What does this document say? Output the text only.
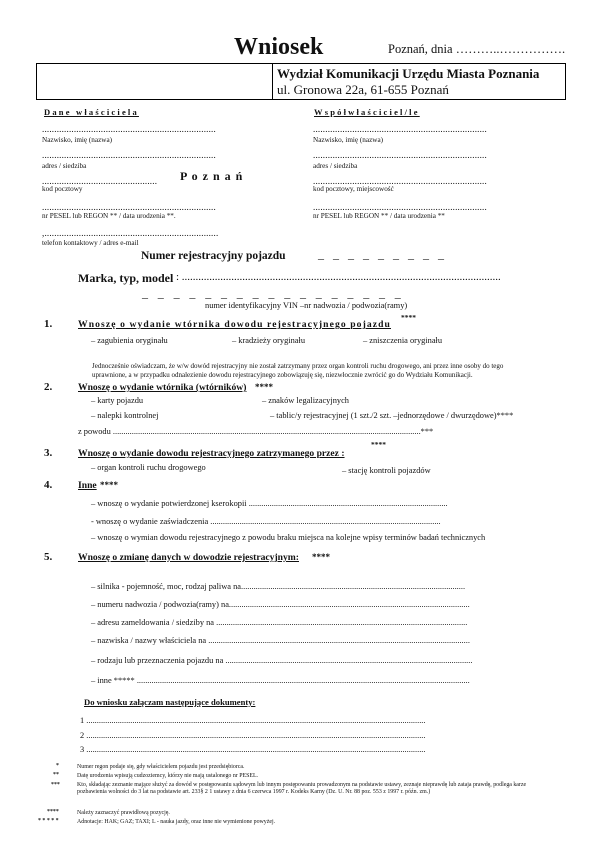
Wniosek	Poznań, dnia ………..…………….
Wydział Komunikacji Urzędu Miasta Poznania
ul. Gronowa 22a, 61-655 Poznań
Dane właściciela
.......................................................................
Nazwisko, imię (nazwa)
.......................................................................
adres / siedziba
............................................... P o z n a ń
kod pocztowy
.......................................................................
nr PESEL lub REGON ** / data urodzenia **.
,.......................................................................
telefon kontaktowy / adres e-mail
Współwłaściciel/le
.......................................................................
Nazwisko, imię (nazwa)
.......................................................................
adres / siedziba
.......................................................................
kod pocztowy, miejscowość
.......................................................................
nr PESEL lub REGON ** / data urodzenia **
Numer rejestracyjny pojazdu	_ _ _ _ _ _ _ _ _
Marka, typ, model : ....................................................................................................................
_ _ _ _ _ _ _ _ _ _ _ _ _ _ _ _ _
numer identyfikacyjny VIN –nr nadwozia / podwozia(ramy)
1.	Wnoszę o wydanie wtórnika dowodu rejestracyjnego pojazdu
****
– zagubienia oryginału	– kradzieży oryginału	– zniszczenia oryginału
Jednocześnie oświadczam, że w/w dowód rejestracyjny nie został zatrzymany przez organ kontroli ruchu drogowego, ani przez inne osoby do tego uprawnione, a w przypadku odnalezienie dowodu rejestracyjnego zobowiązuję się, niezwłocznie zwrócić go do Wydziału Komunikacji.
2.	Wnoszę o wydanie wtórnika (wtórników) ****
– karty pojazdu	– znaków legalizacyjnych
– nalepki kontrolnej	– tablic/y rejestracyjnej (1 szt./2 szt. –jednorzędowe / dwurzędowe)****
z powodu ...................................................................................................................................................***
3.
****
Wnoszę o wydanie dowodu rejestracyjnego zatrzymanego przez :
– organ kontroli ruchu drogowego	– stację kontroli pojazdów
4.	Inne ****
– wnoszę o wydanie potwierdzonej kserokopii ...............................................................................................
- wnoszę o wydanie zaświadczenia ..............................................................................................................
– wnoszę o wymian dowodu rejestracyjnego z powodu braku miejsca na kolejne wpisy terminów badań technicznych
5.	Wnoszę o zmianę danych w dowodzie rejestracyjnym: ****
– silnika - pojemność, moc, rodzaj paliwa na...........................................................................................................
– numeru nadwozia / podwozia(ramy) na...................................................................................................................
– adresu zameldowania / siedziby na ........................................................................................................................
– nazwiska / nazwy właściciela na .............................................................................................................................
– rodzaju lub przeznaczenia pojazdu na ......................................................................................................................
– inne ***** ...............................................................................................................................................................
Do wniosku załączam następujące dokumenty:
1 ..................................................................................................................................................................
2 ..................................................................................................................................................................
3 ..................................................................................................................................................................
*	Numer regon podaje się, gdy właścicielem pojazdu jest przedsiębiorca.
**	Datę urodzenia wpisują cudzoziemcy, którzy nie mają ustalonego nr PESEL.
***	Kto, składając zeznanie mające służyć za dowód w postępowaniu sądowym lub innym postępowaniu prowadzonym na podstawie ustawy, zeznaje nieprawdę lub zataja prawdę, podlega karze pozbawienia wolności do 3 lat na podstawie art. 233§ 2 1 ustawy z dnia 6 czerwca 1997 r. Kodeks Karny (Dz. U. Nr. 88 poz. 553 z 1997 r. późn. zm.)
****	Należy zaznaczyć prawidłową pozycję.
* * * * *	Adnotacje: HAK; GAZ; TAXI; L - nauka jazdy, oraz inne nie wymienione powyżej.
